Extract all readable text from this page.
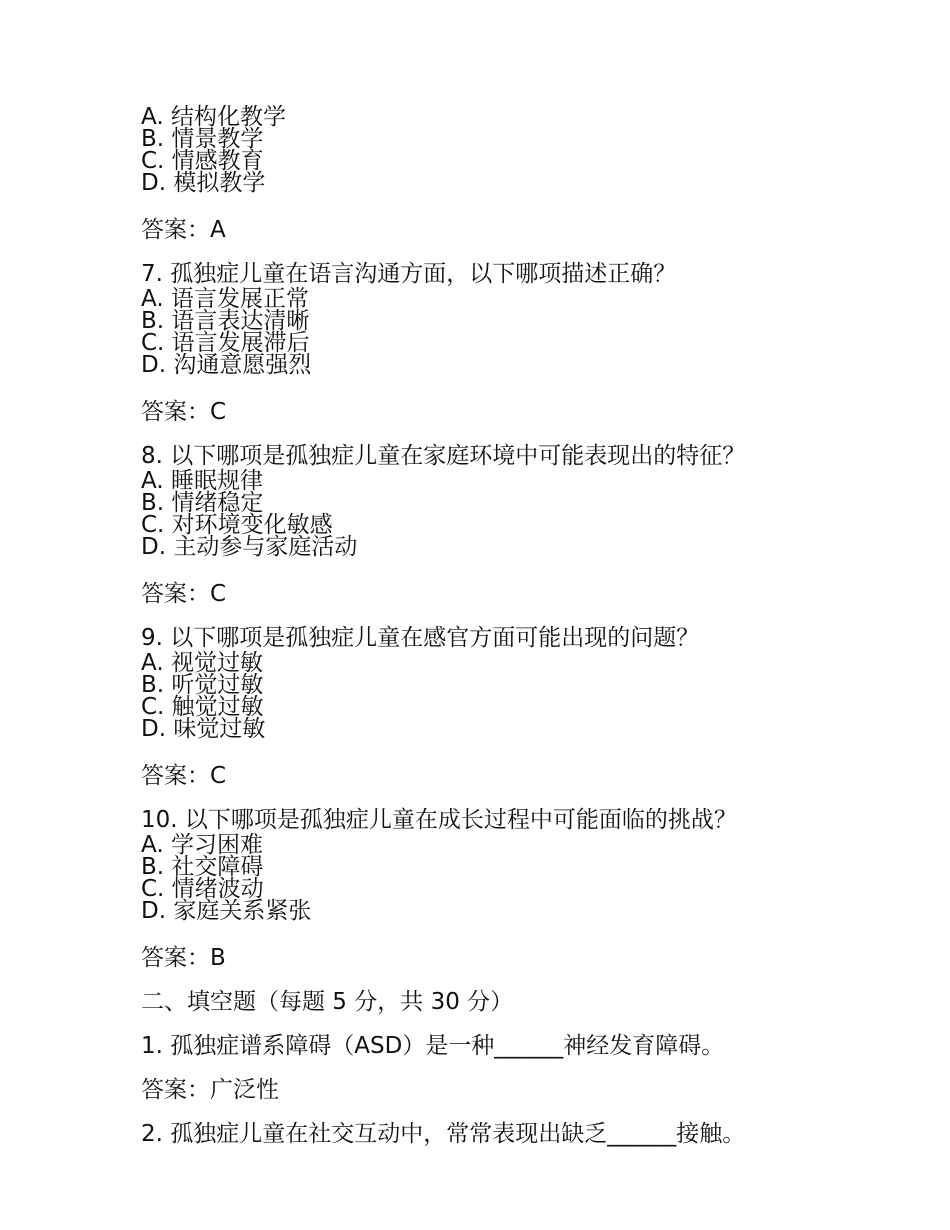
A. 结构化教学

B. 情景教学

C. 情感教育

D. 模拟教学

答案：A

7. 孤独症儿童在语言沟通方面，以下哪项描述正确？

A. 语言发展正常

B. 语言表达清晰

C. 语言发展滞后

D. 沟通意愿强烈

答案：C

8. 以下哪项是孤独症儿童在家庭环境中可能表现出的特征？

A. 睡眠规律

B. 情绪稳定

C. 对环境变化敏感

D. 主动参与家庭活动

答案：C

9. 以下哪项是孤独症儿童在感官方面可能出现的问题？

A. 视觉过敏

B. 听觉过敏

C. 触觉过敏

D. 味觉过敏

答案：C

10. 以下哪项是孤独症儿童在成长过程中可能面临的挑战？

A. 学习困难

B. 社交障碍

C. 情绪波动

D. 家庭关系紧张

答案：B

二、填空题（每题 5 分，共 30 分）

1. 孤独症谱系障碍（ASD）是一种______神经发育障碍。

答案：广泛性

2. 孤独症儿童在社交互动中，常常表现出缺乏______接触。
